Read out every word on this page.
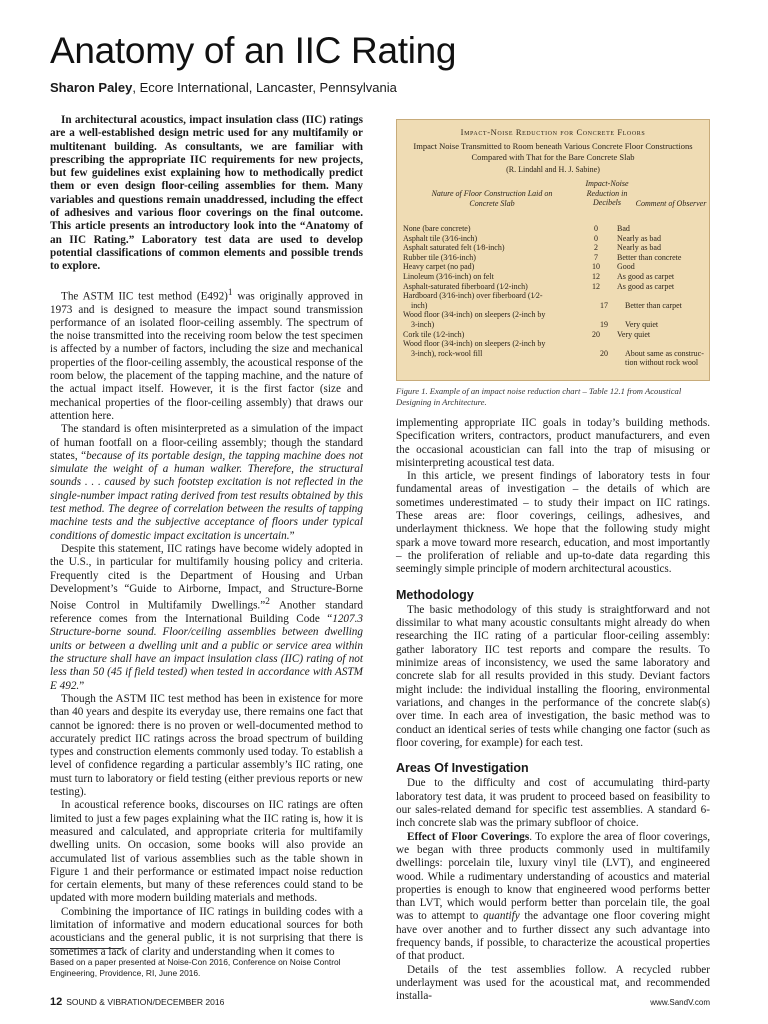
Anatomy of an IIC Rating
Sharon Paley, Ecore International, Lancaster, Pennsylvania

In architectural acoustics, impact insulation class (IIC) ratings are a well-established design metric used for any multifamily or multitenant building. As consultants, we are familiar with prescribing the appropriate IIC requirements for new projects, but few guidelines exist explaining how to methodically predict them or even design floor-ceiling assemblies for them. Many variables and questions remain unaddressed, including the effect of adhesives and various floor coverings on the final outcome. This article presents an introductory look into the “Anatomy of an IIC Rating.” Laboratory test data are used to develop potential classifications of common elements and possible trends to explore.

The ASTM IIC test method $(E492)^1$ was originally approved in 1973 and is designed to measure the impact sound transmission performance of an isolated floor-ceiling assembly. The spectrum of the noise transmitted into the receiving room below the test specimen is affected by a number of factors, including the size and mechanical properties of the floor-ceiling assembly, the acoustical response of the room below, the placement of the tapping machine, and the nature of the actual impact itself. However, it is the first factor (size and mechanical properties of the floor-ceiling assembly) that draws our attention here.

The standard is often misinterpreted as a simulation of the impact of human footfall on a floor-ceiling assembly; though the standard states, “because of its portable design, the tapping machine does not simulate the weight of a human walker. Therefore, the structural sounds . . . caused by such footstep excitation is not reflected in the single-number impact rating derived from test results obtained by this test method. The degree of correlation between the results of tapping machine tests and the subjective acceptance of floors under typical conditions of domestic impact excitation is uncertain.”

Despite this statement, IIC ratings have become widely adopted in the U.S., in particular for multifamily housing policy and criteria. Frequently cited is the Department of Housing and Urban Development’s “Guide to Airborne, Impact, and Structure-Borne Noise Control in Multifamily Dwellings.”$^2$ Another standard reference comes from the International Building Code “1207.3 Structure-borne sound. Floor/ceiling assemblies between dwelling units or between a dwelling unit and a public or service area within the structure shall have an impact insulation class (IIC) rating of not less than 50 (45 if field tested) when tested in accordance with ASTM E 492.”

Though the ASTM IIC test method has been in existence for more than 40 years and despite its everyday use, there remains one fact that cannot be ignored: there is no proven or well-documented method to accurately predict IIC ratings across the broad spectrum of building types and construction elements commonly used today. To establish a level of confidence regarding a particular assembly’s IIC rating, one must turn to laboratory or field testing (either previous reports or new testing).

In acoustical reference books, discourses on IIC ratings are often limited to just a few pages explaining what the IIC rating is, how it is measured and calculated, and appropriate criteria for multifamily dwelling units. On occasion, some books will also provide an accumulated list of various assemblies such as the table shown in Figure 1 and their performance or estimated impact noise reduction for certain elements, but many of these references could stand to be updated with more modern building materials and methods.

Combining the importance of IIC ratings in building codes with a limitation of informative and modern educational sources for both acousticians and the general public, it is not surprising that there is sometimes a lack of clarity and understanding when it comes to

Impact-Noise Reduction for Concrete Floors
Impact Noise Transmitted to Room beneath Various Concrete Floor Constructions Compared with That for the Bare Concrete Slab
(R. Lindahl and H. J. Sabine)
Nature of Floor Construction Laid on Concrete Slab
Impact-Noise Reduction in Decibels	Comment of Observer
None (bare concrete)	0	Bad
Asphalt tile (3⁄16-inch)	0	Nearly as bad
Asphalt saturated felt (1⁄8-inch)	2	Nearly as bad
Rubber tile (3⁄16-inch)	7	Better than concrete
Heavy carpet (no pad)	10	Good
Linoleum (3⁄16-inch) on felt	12	As good as carpet
Asphalt-saturated fiberboard (1⁄2-inch)	12	As good as carpet
Hardboard (3⁄16-inch) over fiberboard (1⁄2-
inch)	17	Better than carpet
Wood floor (3⁄4-inch) on sleepers (2-inch by
3-inch)	19	Very quiet
Cork tile (1⁄2-inch)	20	Very quiet
Wood floor (3⁄4-inch) on sleepers (2-inch by
3-inch), rock-wool fill	20	About same as construc-
tion without rock wool
Figure 1. Example of an impact noise reduction chart – Table 12.1 from Acoustical Designing in Architecture.

implementing appropriate IIC goals in today’s building methods. Specification writers, contractors, product manufacturers, and even the occasional acoustician can fall into the trap of misusing or misinterpreting acoustical test data.

In this article, we present findings of laboratory tests in four fundamental areas of investigation – the details of which are sometimes underestimated – to study their impact on IIC ratings. These areas are: floor coverings, ceilings, adhesives, and underlayment thickness. We hope that the following study might spark a move toward more research, education, and most importantly – the proliferation of reliable and up-to-date data regarding this seemingly simple principle of modern architectural acoustics.

Methodology

The basic methodology of this study is straightforward and not dissimilar to what many acoustic consultants might already do when researching the IIC rating of a particular floor-ceiling assembly: gather laboratory IIC test reports and compare the results. To minimize areas of inconsistency, we used the same laboratory and concrete slab for all results provided in this study. Deviant factors might include: the individual installing the flooring, environmental variations, and changes in the performance of the concrete slab(s) over time. In each area of investigation, the basic method was to conduct an identical series of tests while changing one factor (such as floor covering, for example) for each test.

Areas Of Investigation

Due to the difficulty and cost of accumulating third-party laboratory test data, it was prudent to proceed based on feasibility to our sales-related demand for specific test assemblies. A standard 6-inch concrete slab was the primary subfloor of choice.

Effect of Floor Coverings. To explore the area of floor coverings, we began with three products commonly used in multifamily dwellings: porcelain tile, luxury vinyl tile (LVT), and engineered wood. While a rudimentary understanding of acoustics and material properties is enough to know that engineered wood performs better than LVT, which would perform better than porcelain tile, the goal was to attempt to quantify the advantage one floor covering might have over another and to further dissect any such advantage into frequency bands, if possible, to characterize the acoustical properties of that product.

Details of the test assemblies follow. A recycled rubber underlayment was used for the acoustical mat, and recommended installa-

Based on a paper presented at Noise-Con 2016, Conference on Noise Control Engineering, Providence, RI, June 2016.
12 SOUND & VIBRATION/DECEMBER 2016	www.SandV.com
